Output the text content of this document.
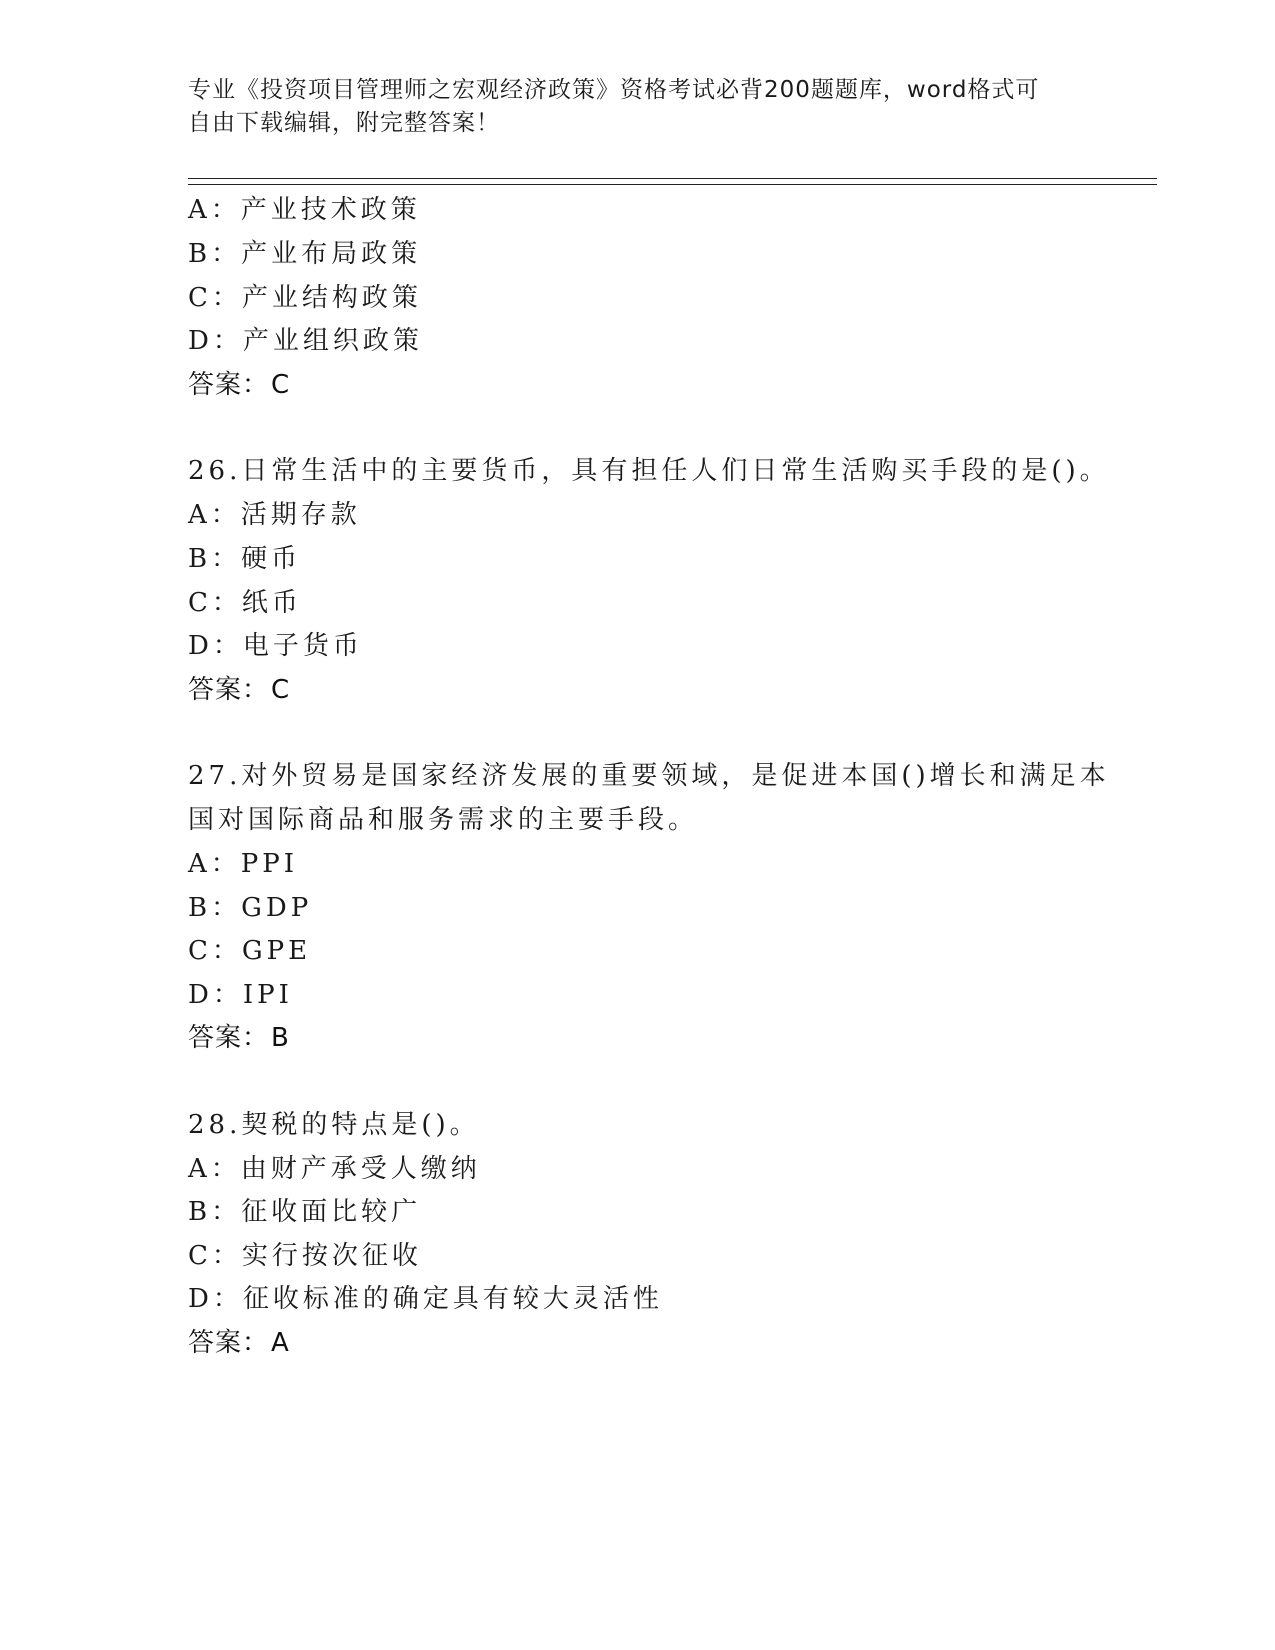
专业《投资项目管理师之宏观经济政策》资格考试必背200题题库，word格式可
自由下载编辑，附完整答案！
A：产业技术政策
B：产业布局政策
C：产业结构政策
D：产业组织政策
答案：C
26.日常生活中的主要货币，具有担任人们日常生活购买手段的是()。
A：活期存款
B：硬币
C：纸币
D：电子货币
答案：C
27.对外贸易是国家经济发展的重要领域，是促进本国()增长和满足本
国对国际商品和服务需求的主要手段。
A：PPI
B：GDP
C：GPE
D：IPI
答案：B
28.契税的特点是()。
A：由财产承受人缴纳
B：征收面比较广
C：实行按次征收
D：征收标准的确定具有较大灵活性
答案：A
